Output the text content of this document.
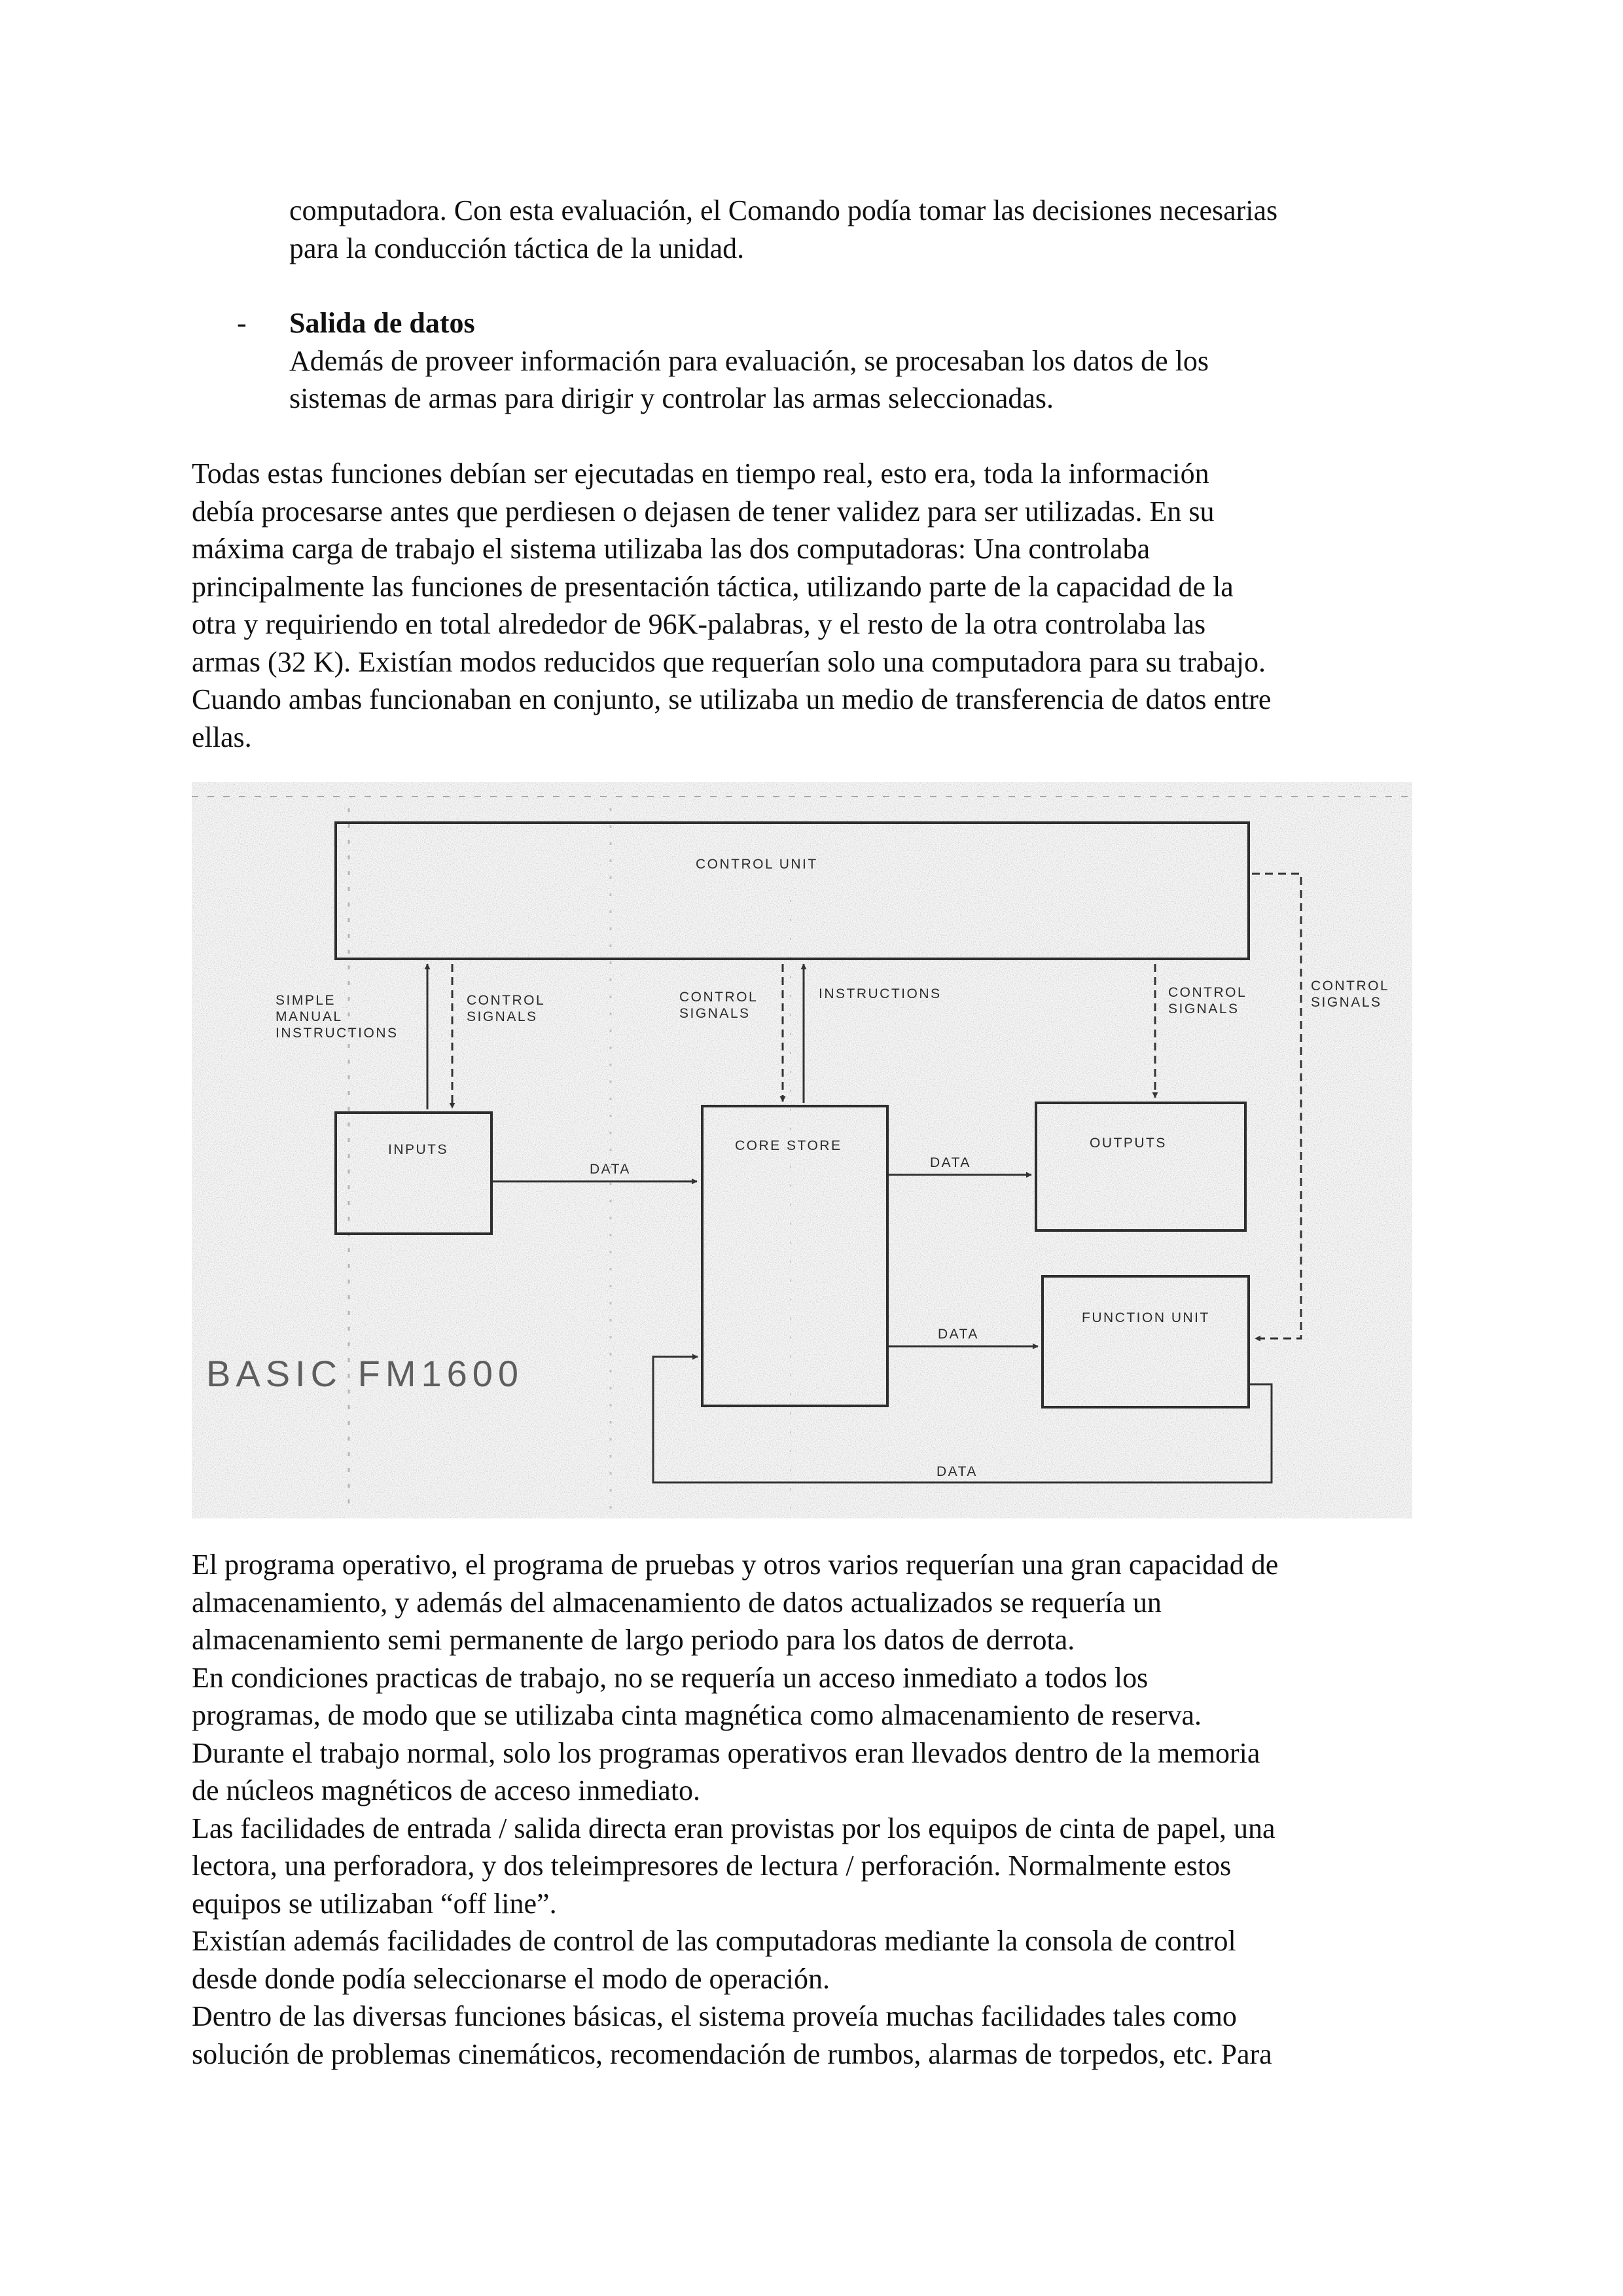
computadora. Con esta evaluación, el Comando podía tomar las decisiones necesarias

para la conducción táctica de la unidad.

- Salida de datos

Además de proveer información para evaluación, se procesaban los datos de los

sistemas de armas para dirigir y controlar las armas seleccionadas.

Todas estas funciones debían ser ejecutadas en tiempo real, esto era, toda la información

debía procesarse antes que perdiesen o dejasen de tener validez para ser utilizadas. En su

máxima carga de trabajo el sistema utilizaba las dos computadoras: Una controlaba

principalmente las funciones de presentación táctica, utilizando parte de la capacidad de la

otra y requiriendo en total alrededor de 96K-palabras, y el resto de la otra controlaba las

armas (32 K). Existían modos reducidos que requerían solo una computadora para su trabajo.

Cuando ambas funcionaban en conjunto, se utilizaba un medio de transferencia de datos entre

ellas.

CONTROL UNIT
INPUTS	CORE STORE	OUTPUTS
FUNCTION UNIT
SIMPLE
MANUAL
INSTRUCTIONS
CONTROL
SIGNALS
CONTROL
SIGNALS
INSTRUCTIONS	CONTROL
SIGNALS
CONTROL
SIGNALS
DATA	DATA
DATA
DATA
BASIC FM1600

El programa operativo, el programa de pruebas y otros varios requerían una gran capacidad de

almacenamiento, y además del almacenamiento de datos actualizados se requería un

almacenamiento semi permanente de largo periodo para los datos de derrota.

En condiciones practicas de trabajo, no se requería un acceso inmediato a todos los

programas, de modo que se utilizaba cinta magnética como almacenamiento de reserva.

Durante el trabajo normal, solo los programas operativos eran llevados dentro de la memoria

de núcleos magnéticos de acceso inmediato.

Las facilidades de entrada / salida directa eran provistas por los equipos de cinta de papel, una

lectora, una perforadora, y dos teleimpresores de lectura / perforación. Normalmente estos

equipos se utilizaban “off line”.

Existían además facilidades de control de las computadoras mediante la consola de control

desde donde podía seleccionarse el modo de operación.

Dentro de las diversas funciones básicas, el sistema proveía muchas facilidades tales como

solución de problemas cinemáticos, recomendación de rumbos, alarmas de torpedos, etc. Para
